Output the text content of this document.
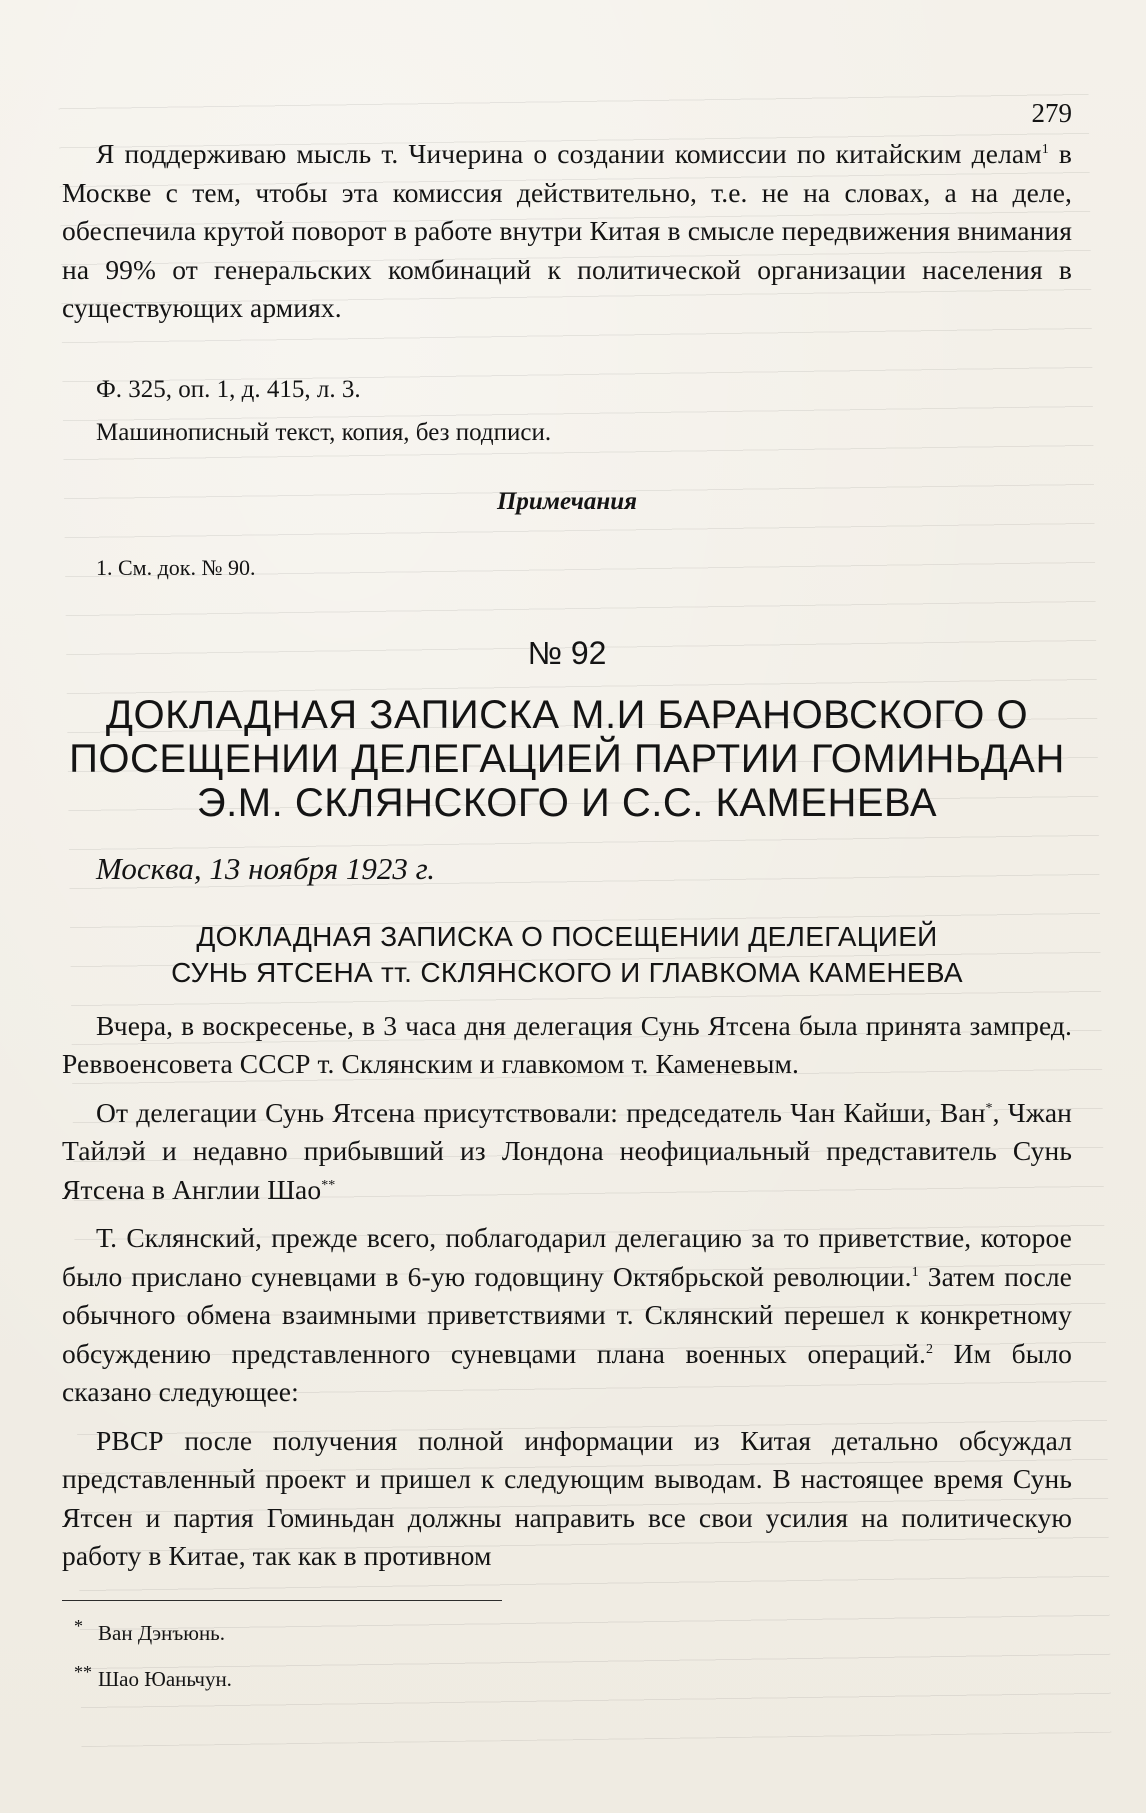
279

Я поддерживаю мысль т. Чичерина о создании комиссии по китайским делам$^1$ в Москве с тем, чтобы эта комиссия действительно, т.е. не на словах, а на деле, обеспечила крутой поворот в работе внутри Китая в смысле передвижения внимания на 99% от генеральских комбинаций к политической организации населения в существующих армиях.

Ф. 325, оп. 1, д. 415, л. 3.

Машинописный текст, копия, без подписи.

Примечания

1. См. док. № 90.

№ 92

ДОКЛАДНАЯ ЗАПИСКА М.И БАРАНОВСКОГО О
ПОСЕЩЕНИИ ДЕЛЕГАЦИЕЙ ПАРТИИ ГОМИНЬДАН
Э.М. СКЛЯНСКОГО И С.С. КАМЕНЕВА

Москва, 13 ноября 1923 г.

ДОКЛАДНАЯ ЗАПИСКА О ПОСЕЩЕНИИ ДЕЛЕГАЦИЕЙ
СУНЬ ЯТСЕНА тт. СКЛЯНСКОГО И ГЛАВКОМА КАМЕНЕВА

Вчера, в воскресенье, в 3 часа дня делегация Сунь Ятсена была принята зампред. Реввоенсовета СССР т. Склянским и главкомом т. Каменевым.

От делегации Сунь Ятсена присутствовали: председатель Чан Кайши, Ван*, Чжан Тайлэй и недавно прибывший из Лондона неофициальный представитель Сунь Ятсена в Англии Шао**

Т. Склянский, прежде всего, поблагодарил делегацию за то приветствие, которое было прислано суневцами в 6-ую годовщину Октябрьской революции.$^1$ Затем после обычного обмена взаимными приветствиями т. Склянский перешел к конкретному обсуждению представленного суневцами плана военных операций.$^2$ Им было сказано следующее:

РВСР после получения полной информации из Китая детально обсуждал представленный проект и пришел к следующим выводам. В настоящее время Сунь Ятсен и партия Гоминьдан должны направить все свои усилия на политическую работу в Китае, так как в противном

* Ван Дэнъюнь.

** Шао Юаньчун.
